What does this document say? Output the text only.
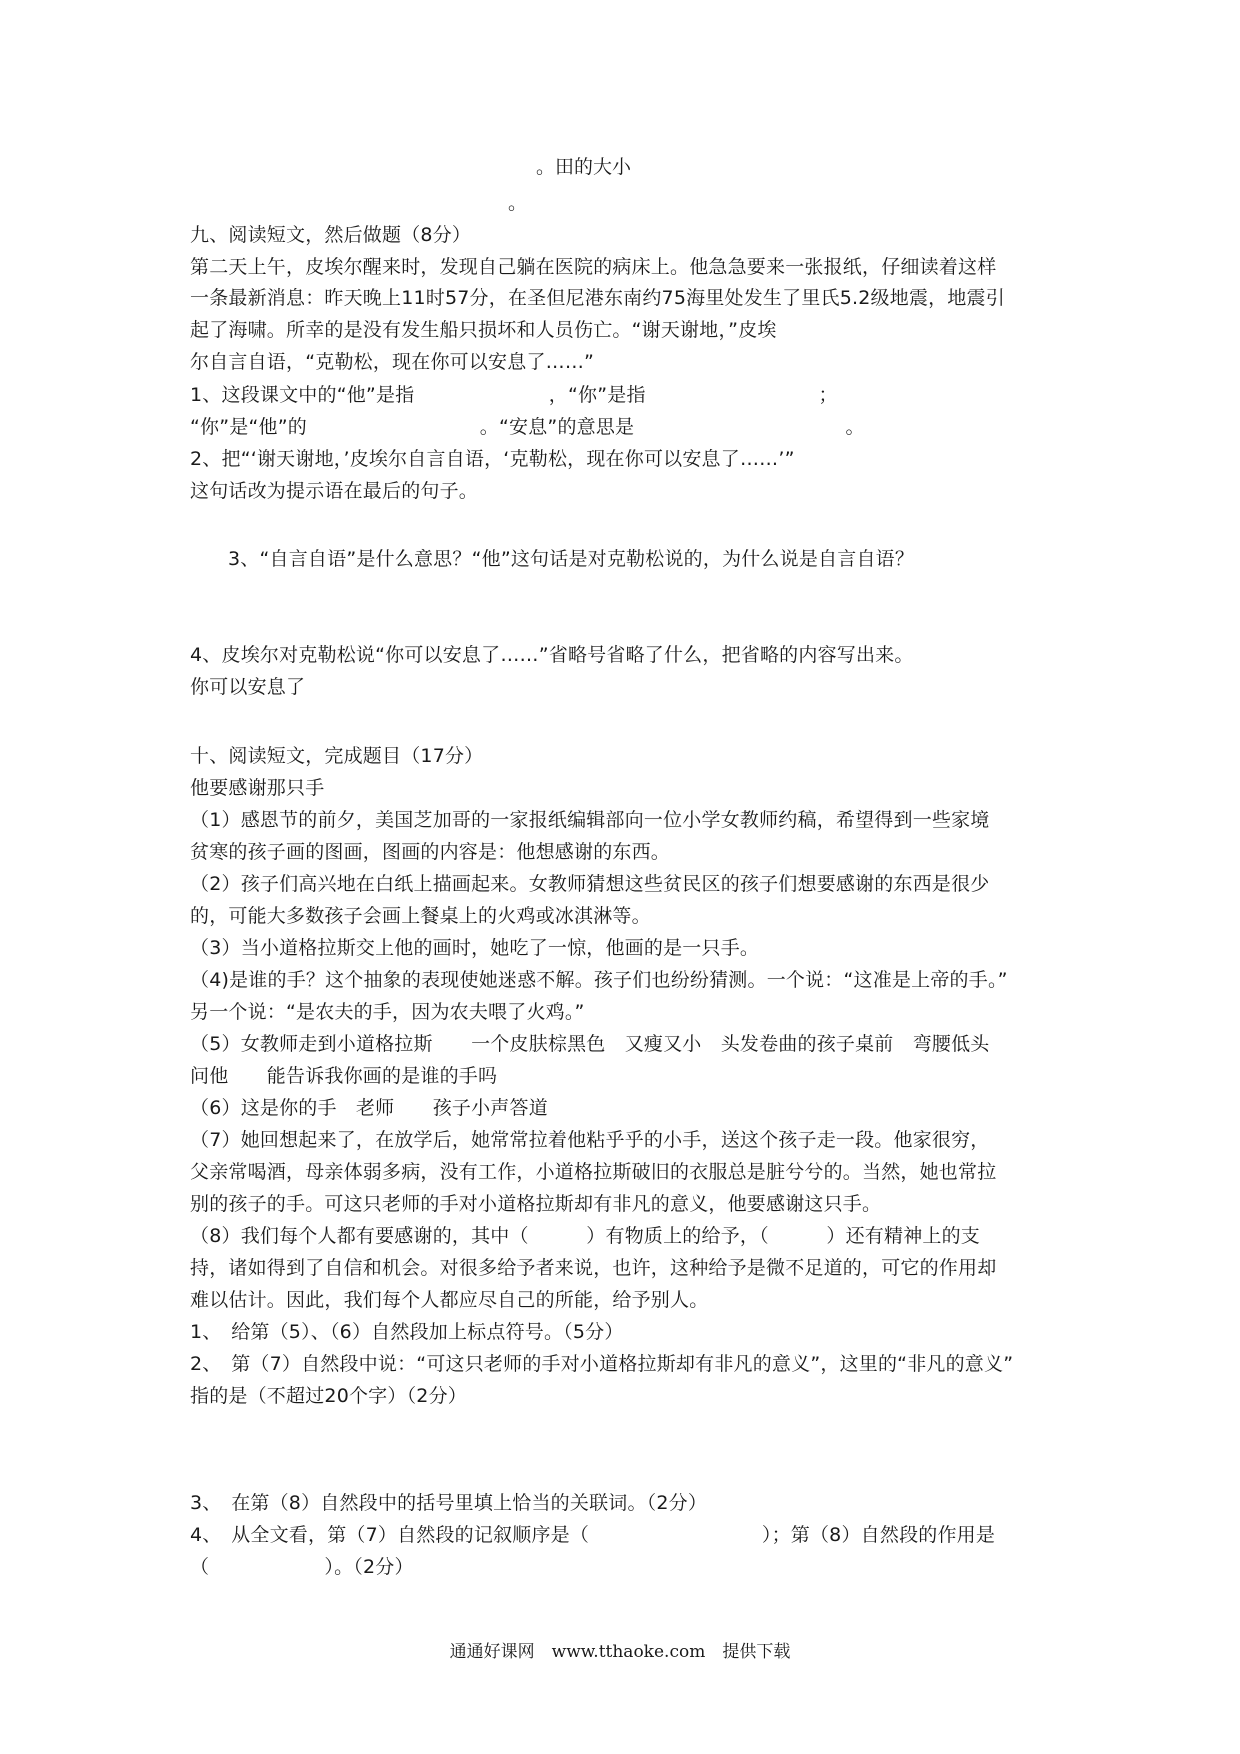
。田的大小

。

九、阅读短文，然后做题（8分）

第二天上午，皮埃尔醒来时，发现自己躺在医院的病床上。他急急要来一张报纸，仔细读着这样

一条最新消息：昨天晚上11时57分，在圣但尼港东南约75海里处发生了里氏5.2级地震，地震引

起了海啸。所幸的是没有发生船只损坏和人员伤亡。“谢天谢地，”皮埃

尔自言自语，“克勒松，现在你可以安息了……”

1、这段课文中的“他”是指　　　　　　　，“你”是指　　　　　　　　　；

“你”是“他”的　　　　　　　　　。“安息”的意思是　　　　　　　　　　　。

2、把“‘谢天谢地，’皮埃尔自言自语，‘克勒松，现在你可以安息了……’”

这句话改为提示语在最后的句子。

3、“自言自语”是什么意思？“他”这句话是对克勒松说的，为什么说是自言自语？

4、皮埃尔对克勒松说“你可以安息了……”省略号省略了什么，把省略的内容写出来。

你可以安息了

十、阅读短文，完成题目（17分）

他要感谢那只手

（1）感恩节的前夕，美国芝加哥的一家报纸编辑部向一位小学女教师约稿，希望得到一些家境

贫寒的孩子画的图画，图画的内容是：他想感谢的东西。

（2）孩子们高兴地在白纸上描画起来。女教师猜想这些贫民区的孩子们想要感谢的东西是很少

的，可能大多数孩子会画上餐桌上的火鸡或冰淇淋等。

（3）当小道格拉斯交上他的画时，她吃了一惊，他画的是一只手。

（4)是谁的手？这个抽象的表现使她迷惑不解。孩子们也纷纷猜测。一个说：“这准是上帝的手。”

另一个说：“是农夫的手，因为农夫喂了火鸡。”

（5）女教师走到小道格拉斯　　一个皮肤棕黑色　又瘦又小　头发卷曲的孩子桌前　弯腰低头

问他　　能告诉我你画的是谁的手吗

（6）这是你的手　老师　　孩子小声答道

（7）她回想起来了，在放学后，她常常拉着他粘乎乎的小手，送这个孩子走一段。他家很穷，

父亲常喝酒，母亲体弱多病，没有工作，小道格拉斯破旧的衣服总是脏兮兮的。当然，她也常拉

别的孩子的手。可这只老师的手对小道格拉斯却有非凡的意义，他要感谢这只手。

（8）我们每个人都有要感谢的，其中（　　　）有物质上的给予，（　　　）还有精神上的支

持，诸如得到了自信和机会。对很多给予者来说，也许，这种给予是微不足道的，可它的作用却

难以估计。因此，我们每个人都应尽自己的所能，给予别人。

1、　给第（5）、（6）自然段加上标点符号。（5分）

2、　第（7）自然段中说：“可这只老师的手对小道格拉斯却有非凡的意义”，这里的“非凡的意义”

指的是（不超过20个字）（2分）

3、　在第（8）自然段中的括号里填上恰当的关联词。（2分）

4、　从全文看，第（7）自然段的记叙顺序是（　　　　　　　　　）；第（8）自然段的作用是

（　　　　　　）。（2分）

通通好课网　www.tthaoke.com　提供下载
